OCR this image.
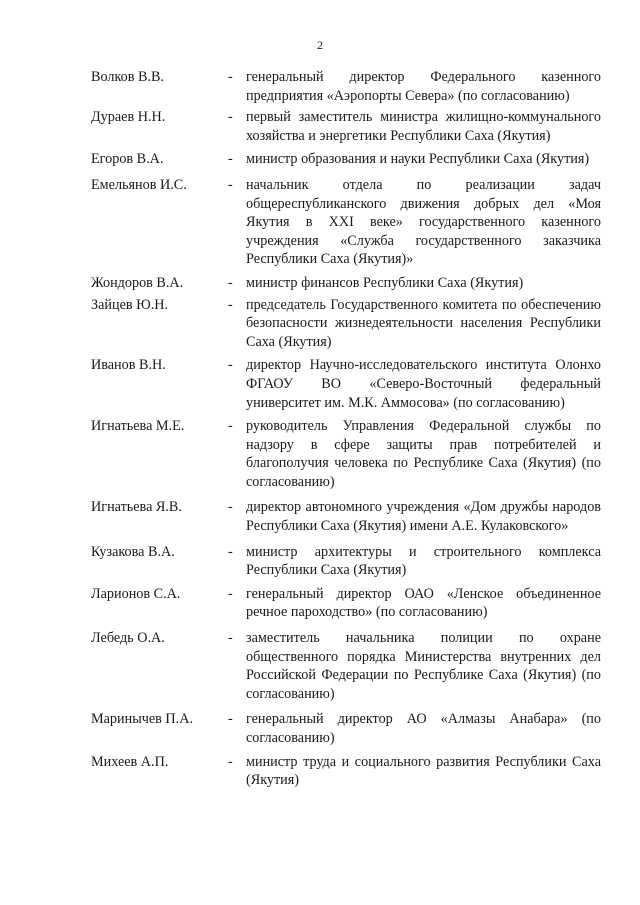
2
Волков В.В.	- генеральный директор Федерального казенного предприятия «Аэропорты Севера» (по согласованию)
Дураев Н.Н.	- первый заместитель министра жилищно-коммунального хозяйства и энергетики Республики Саха (Якутия)
Егоров В.А.	- министр образования и науки Республики Саха (Якутия)
Емельянов И.С.	- начальник отдела по реализации задач общереспубликанского движения добрых дел «Моя Якутия в XXI веке» государственного казенного учреждения «Служба государственного заказчика Республики Саха (Якутия)»
Жондоров В.А.	- министр финансов Республики Саха (Якутия)
Зайцев Ю.Н.	- председатель Государственного комитета по обеспечению безопасности жизнедеятельности населения Республики Саха (Якутия)
Иванов В.Н.	- директор Научно-исследовательского института Олонхо ФГАОУ ВО «Северо-Восточный федеральный университет им. М.К. Аммосова» (по согласованию)
Игнатьева М.Е.	- руководитель Управления Федеральной службы по надзору в сфере защиты прав потребителей и благополучия человека по Республике Саха (Якутия) (по согласованию)
Игнатьева Я.В.	- директор автономного учреждения «Дом дружбы народов Республики Саха (Якутия) имени А.Е. Кулаковского»
Кузакова В.А.	- министр архитектуры и строительного комплекса Республики Саха (Якутия)
Ларионов С.А.	- генеральный директор ОАО «Ленское объединенное речное пароходство» (по согласованию)
Лебедь О.А.	- заместитель начальника полиции по охране общественного порядка Министерства внутренних дел Российской Федерации по Республике Саха (Якутия) (по согласованию)
Маринычев П.А.	- генеральный директор АО «Алмазы Анабара» (по согласованию)
Михеев А.П.	- министр труда и социального развития Республики Саха (Якутия)
